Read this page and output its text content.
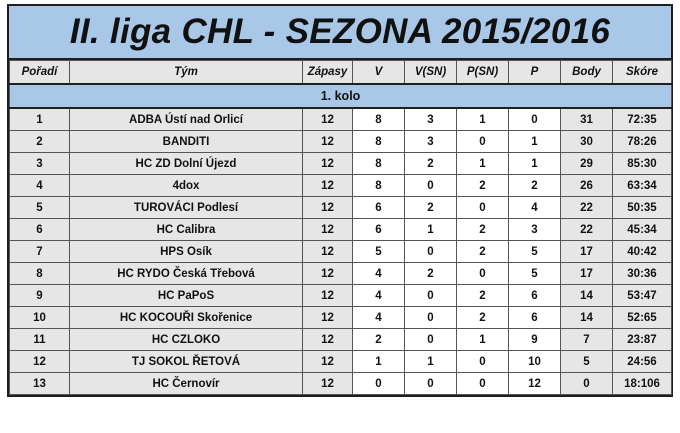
II. liga CHL - SEZONA 2015/2016
Pořadí	Tým	Zápasy	V	V(SN)	P(SN)	P	Body	Skóre
1. kolo								
1	ADBA Ústí nad Orlicí	12	8	3	1	0	31	72:35
2	BANDITI	12	8	3	0	1	30	78:26
3	HC ZD Dolní Újezd	12	8	2	1	1	29	85:30
4	4dox	12	8	0	2	2	26	63:34
5	TUROVÁCI Podlesí	12	6	2	0	4	22	50:35
6	HC Calibra	12	6	1	2	3	22	45:34
7	HPS Osík	12	5	0	2	5	17	40:42
8	HC RYDO Česká Třebová	12	4	2	0	5	17	30:36
9	HC PaPoS	12	4	0	2	6	14	53:47
10	HC KOCOUŘI Skořenice	12	4	0	2	6	14	52:65
11	HC CZLOKO	12	2	0	1	9	7	23:87
12	TJ SOKOL ŘETOVÁ	12	1	1	0	10	5	24:56
13	HC Černovír	12	0	0	0	12	0	18:106
